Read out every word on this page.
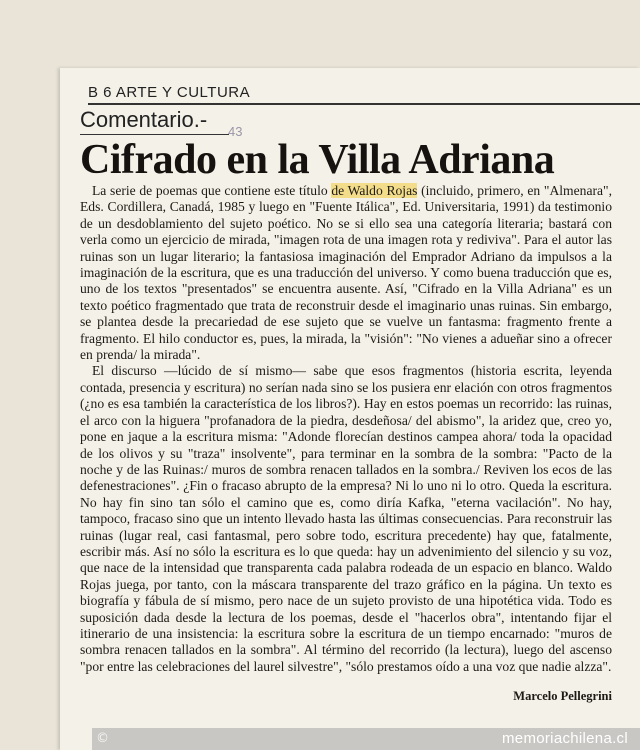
B 6 ARTE Y CULTURA
Comentario.-	43
Cifrado en la Villa Adriana

La serie de poemas que contiene este título de Waldo Rojas (incluido, primero, en "Almenara", Eds. Cordillera, Canadá, 1985 y luego en "Fuente Itálica", Ed. Universitaria, 1991) da testimonio de un desdoblamiento del sujeto poético. No se si ello sea una categoría literaria; bastará con verla como un ejercicio de mirada, "imagen rota de una imagen rota y rediviva". Para el autor las ruinas son un lugar literario; la fantasiosa imaginación del Emprador Adriano da impulsos a la imaginación de la escritura, que es una traducción del universo. Y como buena traducción que es, uno de los textos "presentados" se encuentra ausente. Así, "Cifrado en la Villa Adriana" es un texto poético fragmentado que trata de reconstruir desde el imaginario unas ruinas. Sin embargo, se plantea desde la precariedad de ese sujeto que se vuelve un fantasma: fragmento frente a fragmento. El hilo conductor es, pues, la mirada, la "visión": "No vienes a adueñar sino a ofrecer en prenda/ la mirada".

El discurso —lúcido de sí mismo— sabe que esos fragmentos (historia escrita, leyenda contada, presencia y escritura) no serían nada sino se los pusiera enr elación con otros fragmentos (¿no es esa también la característica de los libros?). Hay en estos poemas un recorrido: las ruinas, el arco con la higuera "profanadora de la piedra, desdeñosa/ del abismo", la aridez que, creo yo, pone en jaque a la escritura misma: "Adonde florecían destinos campea ahora/ toda la opacidad de los olivos y su "traza" insolvente", para terminar en la sombra de la sombra: "Pacto de la noche y de las Ruinas:/ muros de sombra renacen tallados en la sombra./ Reviven los ecos de las defenestraciones". ¿Fin o fracaso abrupto de la empresa? Ni lo uno ni lo otro. Queda la escritura. No hay fin sino tan sólo el camino que es, como diría Kafka, "eterna vacilación". No hay, tampoco, fracaso sino que un intento llevado hasta las últimas consecuencias. Para reconstruir las ruinas (lugar real, casi fantasmal, pero sobre todo, escritura precedente) hay que, fatalmente, escribir más. Así no sólo la escritura es lo que queda: hay un advenimiento del silencio y su voz, que nace de la intensidad que transparenta cada palabra rodeada de un espacio en blanco. Waldo Rojas juega, por tanto, con la máscara transparente del trazo gráfico en la página. Un texto es biografía y fábula de sí mismo, pero nace de un sujeto provisto de una hipotética vida. Todo es suposición dada desde la lectura de los poemas, desde el "hacerlos obra", intentando fijar el itinerario de una insistencia: la escritura sobre la escritura de un tiempo encarnado: "muros de sombra renacen tallados en la sombra". Al término del recorrido (la lectura), luego del ascenso "por entre las celebraciones del laurel silvestre", "sólo prestamos oído a una voz que nadie alzza".

Marcelo Pellegrini
©	memoriachilena.cl
